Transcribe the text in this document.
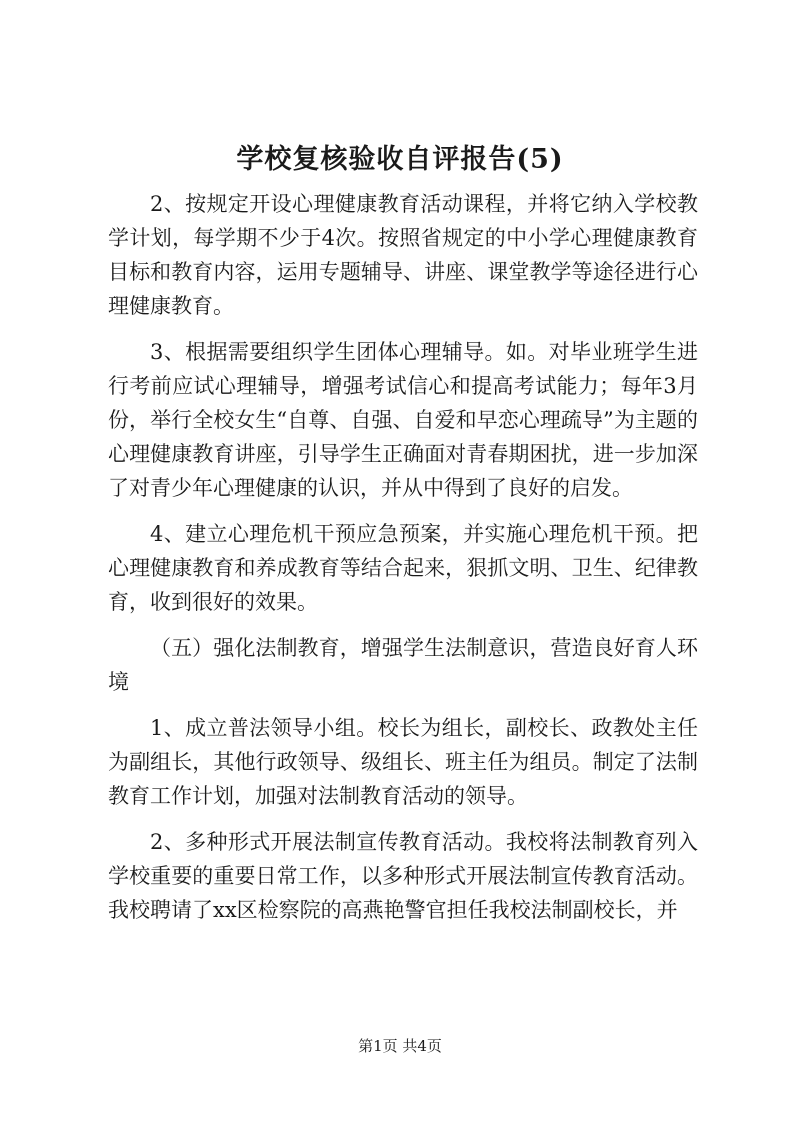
学校复核验收自评报告(5)

2、按规定开设心理健康教育活动课程，并将它纳入学校教学计划，每学期不少于4次。按照省规定的中小学心理健康教育目标和教育内容，运用专题辅导、讲座、课堂教学等途径进行心理健康教育。

3、根据需要组织学生团体心理辅导。如。对毕业班学生进行考前应试心理辅导，增强考试信心和提高考试能力；每年3月份，举行全校女生“自尊、自强、自爱和早恋心理疏导”为主题的心理健康教育讲座，引导学生正确面对青春期困扰，进一步加深了对青少年心理健康的认识，并从中得到了良好的启发。

4、建立心理危机干预应急预案，并实施心理危机干预。把心理健康教育和养成教育等结合起来，狠抓文明、卫生、纪律教育，收到很好的效果。

（五）强化法制教育，增强学生法制意识，营造良好育人环境

1、成立普法领导小组。校长为组长，副校长、政教处主任为副组长，其他行政领导、级组长、班主任为组员。制定了法制教育工作计划，加强对法制教育活动的领导。

2、多种形式开展法制宣传教育活动。我校将法制教育列入学校重要的重要日常工作，以多种形式开展法制宣传教育活动。我校聘请了xx区检察院的高燕艳警官担任我校法制副校长，并

第1页 共4页
